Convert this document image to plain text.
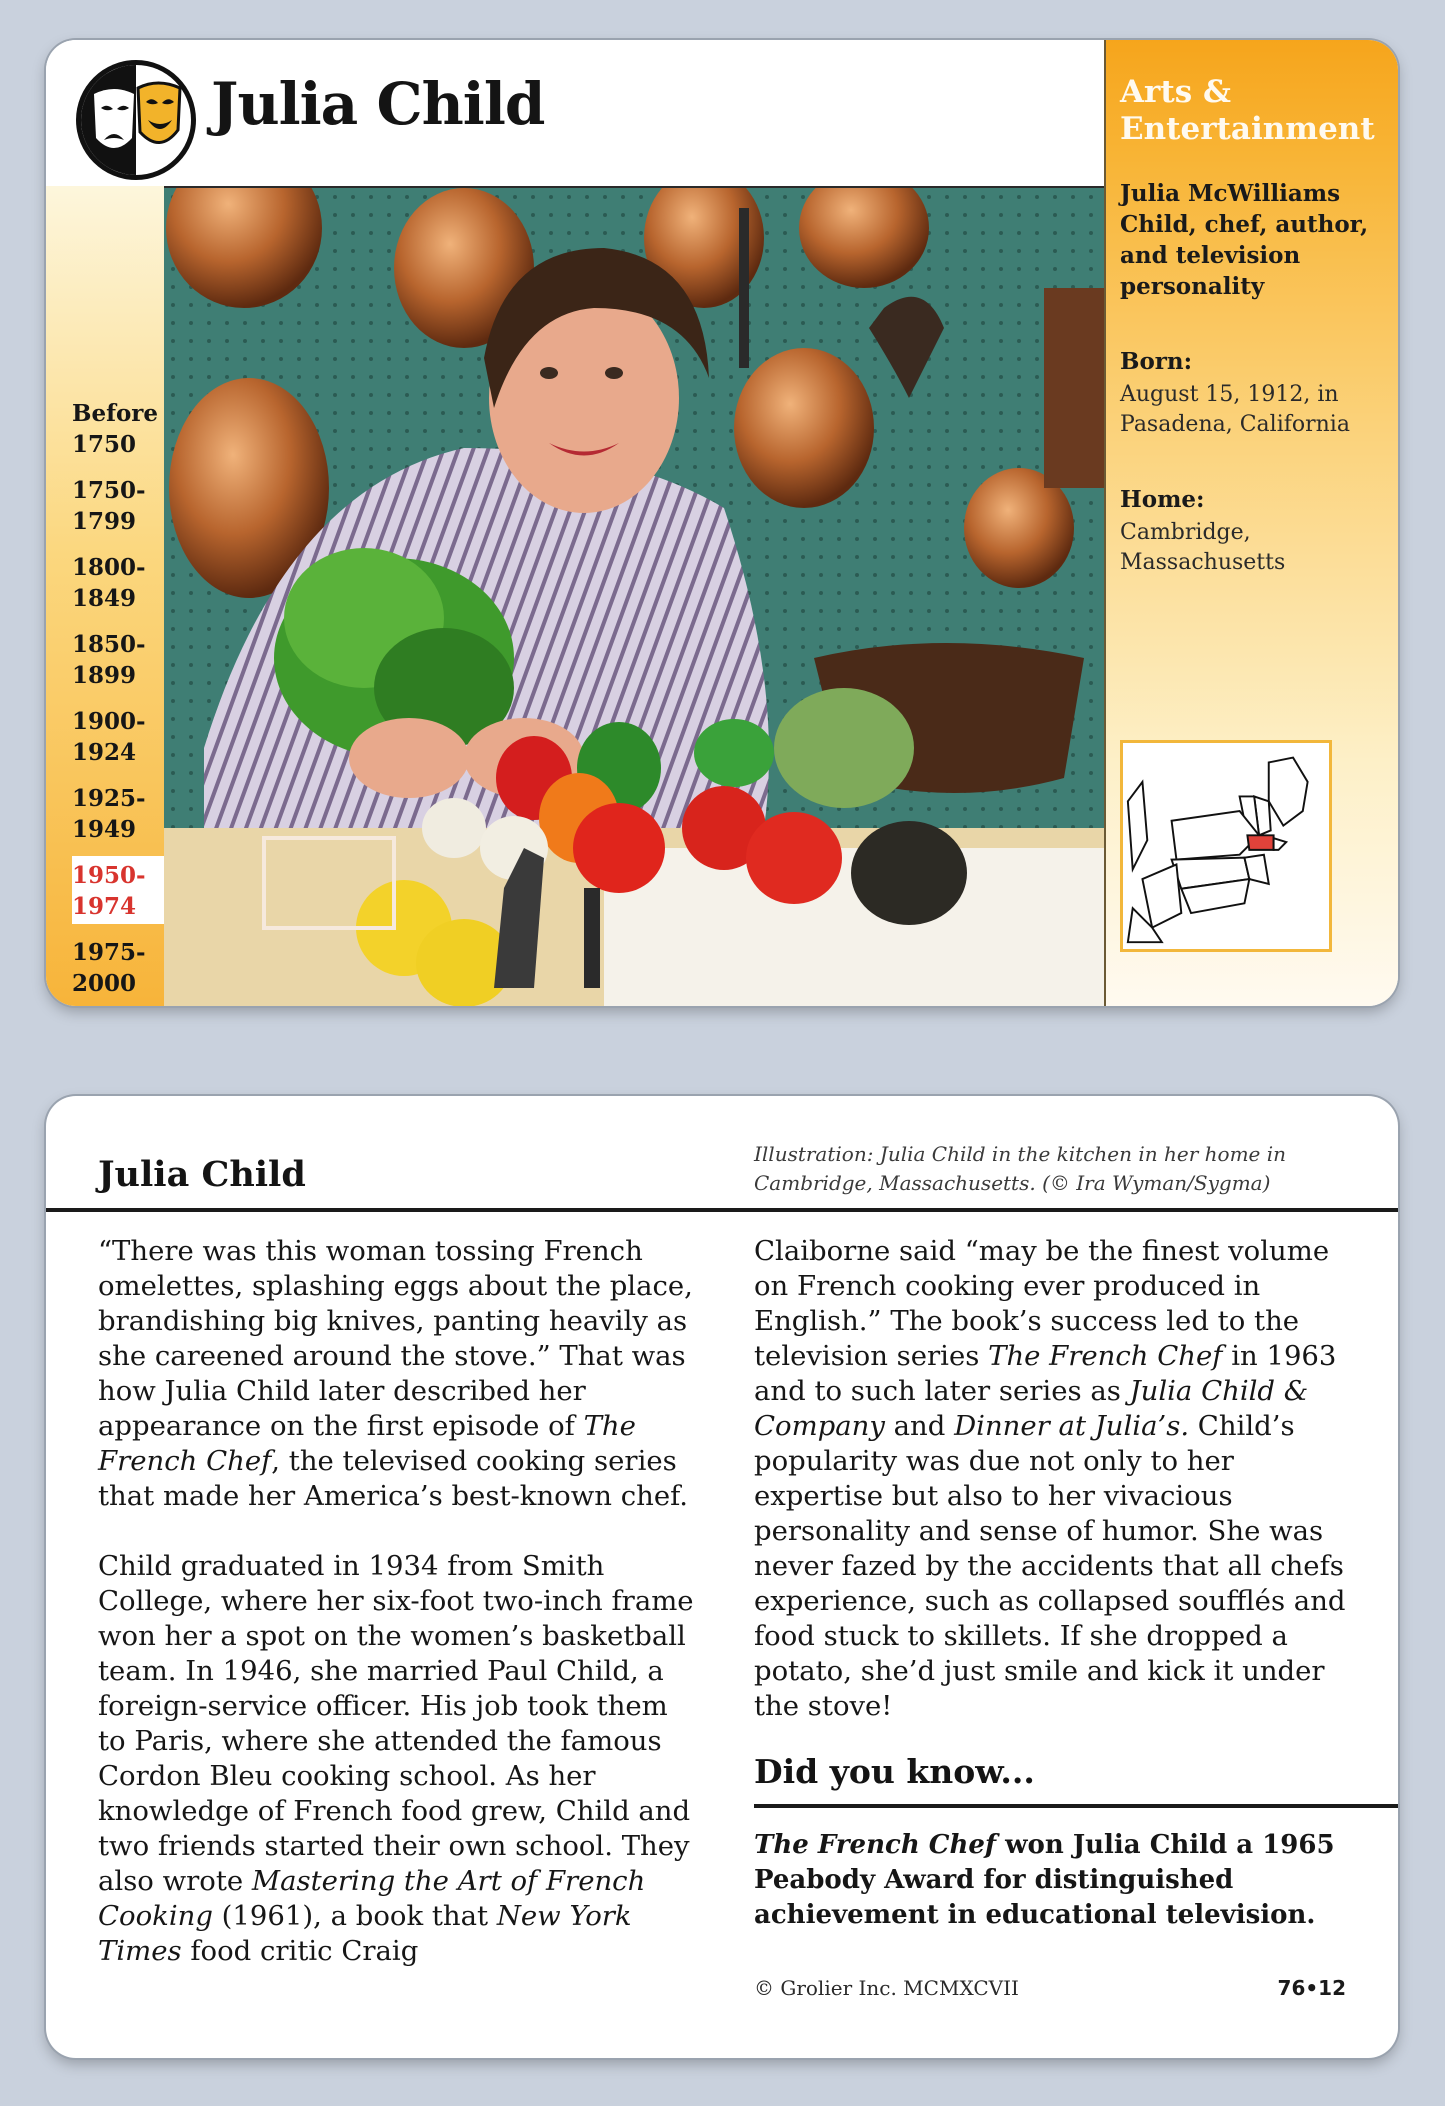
Julia Child
Before
1750
1750-
1799
1800-
1849
1850-
1899
1900-
1924
1925-
1949
1950-
1974
1975-
2000
Arts &
Entertainment
Julia McWilliams Child, chef, author, and television personality
Born:
August 15, 1912, in Pasadena, California
Home:
Cambridge, Massachusetts
Julia Child	Illustration: Julia Child in the kitchen in her home in Cambridge, Massachusetts. (© Ira Wyman/Sygma)

“There was this woman tossing French omelettes, splashing eggs about the place, brandishing big knives, panting heavily as she careened around the stove.” That was how Julia Child later described her appearance on the first episode of The French Chef, the televised cooking series that made her America’s best-known chef.

Child graduated in 1934 from Smith College, where her six-foot two-inch frame won her a spot on the women’s basketball team. In 1946, she married Paul Child, a foreign-service officer. His job took them to Paris, where she attended the famous Cordon Bleu cooking school. As her knowledge of French food grew, Child and two friends started their own school. They also wrote Mastering the Art of French Cooking (1961), a book that New York Times food critic Craig

Claiborne said “may be the finest volume on French cooking ever produced in English.” The book’s success led to the television series The French Chef in 1963 and to such later series as Julia Child & Company and Dinner at Julia’s. Child’s popularity was due not only to her expertise but also to her vivacious personality and sense of humor. She was never fazed by the accidents that all chefs experience, such as collapsed soufflés and food stuck to skillets. If she dropped a potato, she’d just smile and kick it under the stove!

Did you know...
The French Chef won Julia Child a 1965 Peabody Award for distinguished achievement in educational television.
© Grolier Inc. MCMXCVII	76•12
